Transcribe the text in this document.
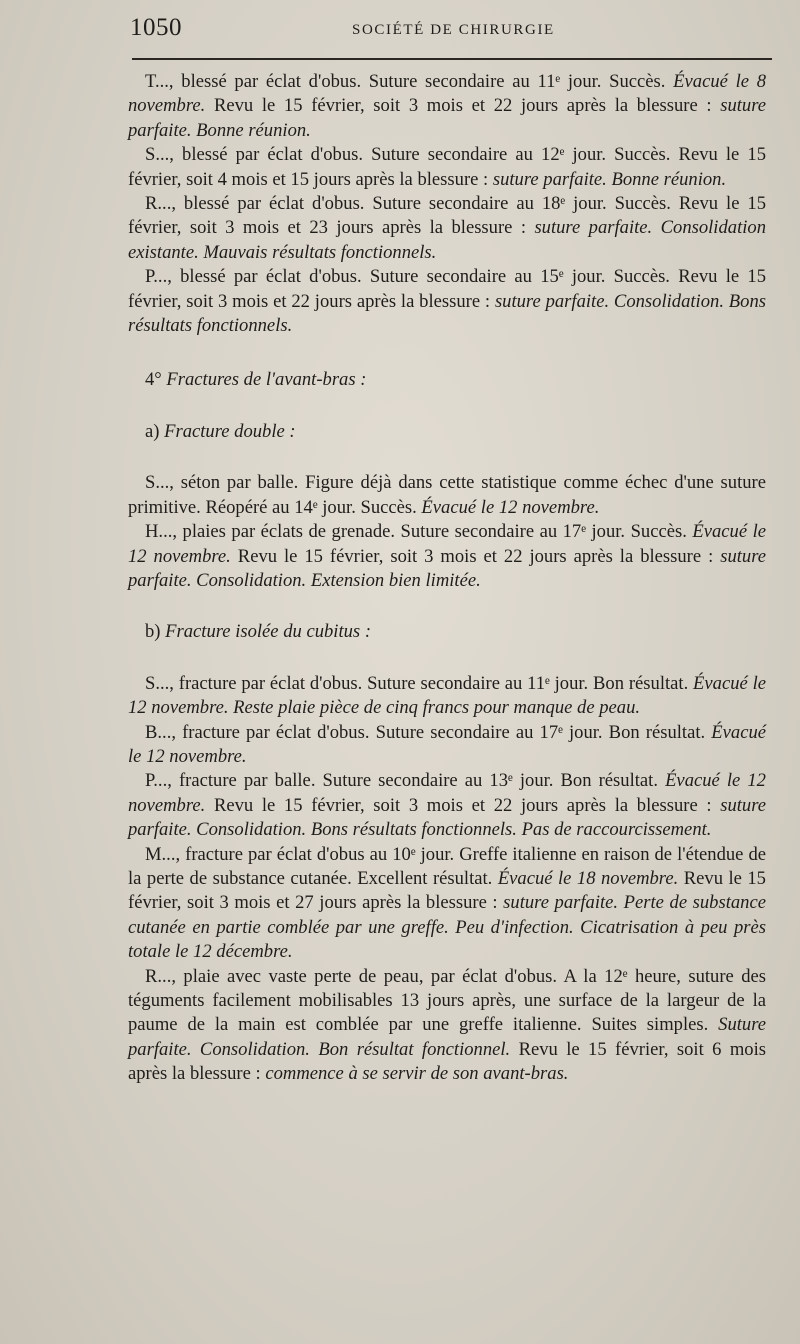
1050	SOCIÉTÉ DE CHIRURGIE

T..., blessé par éclat d'obus. Suture secondaire au 11ᵉ jour. Succès. Évacué le 8 novembre. Revu le 15 février, soit 3 mois et 22 jours après la blessure : suture parfaite. Bonne réunion.

S..., blessé par éclat d'obus. Suture secondaire au 12ᵉ jour. Succès. Revu le 15 février, soit 4 mois et 15 jours après la blessure : suture parfaite. Bonne réunion.

R..., blessé par éclat d'obus. Suture secondaire au 18ᵉ jour. Succès. Revu le 15 février, soit 3 mois et 23 jours après la blessure : suture parfaite. Consolidation existante. Mauvais résultats fonctionnels.

P..., blessé par éclat d'obus. Suture secondaire au 15ᵉ jour. Succès. Revu le 15 février, soit 3 mois et 22 jours après la blessure : suture parfaite. Consolidation. Bons résultats fonctionnels.

4° Fractures de l'avant-bras :
a) Fracture double :

S..., séton par balle. Figure déjà dans cette statistique comme échec d'une suture primitive. Réopéré au 14ᵉ jour. Succès. Évacué le 12 novembre.

H..., plaies par éclats de grenade. Suture secondaire au 17ᵉ jour. Succès. Évacué le 12 novembre. Revu le 15 février, soit 3 mois et 22 jours après la blessure : suture parfaite. Consolidation. Extension bien limitée.

b) Fracture isolée du cubitus :

S..., fracture par éclat d'obus. Suture secondaire au 11ᵉ jour. Bon résultat. Évacué le 12 novembre. Reste plaie pièce de cinq francs pour manque de peau.

B..., fracture par éclat d'obus. Suture secondaire au 17ᵉ jour. Bon résultat. Évacué le 12 novembre.

P..., fracture par balle. Suture secondaire au 13ᵉ jour. Bon résultat. Évacué le 12 novembre. Revu le 15 février, soit 3 mois et 22 jours après la blessure : suture parfaite. Consolidation. Bons résultats fonctionnels. Pas de raccourcissement.

M..., fracture par éclat d'obus au 10ᵉ jour. Greffe italienne en raison de l'étendue de la perte de substance cutanée. Excellent résultat. Évacué le 18 novembre. Revu le 15 février, soit 3 mois et 27 jours après la blessure : suture parfaite. Perte de substance cutanée en partie comblée par une greffe. Peu d'infection. Cicatrisation à peu près totale le 12 décembre.

R..., plaie avec vaste perte de peau, par éclat d'obus. A la 12ᵉ heure, suture des téguments facilement mobilisables 13 jours après, une surface de la largeur de la paume de la main est comblée par une greffe italienne. Suites simples. Suture parfaite. Consolidation. Bon résultat fonctionnel. Revu le 15 février, soit 6 mois après la blessure : commence à se servir de son avant-bras.
